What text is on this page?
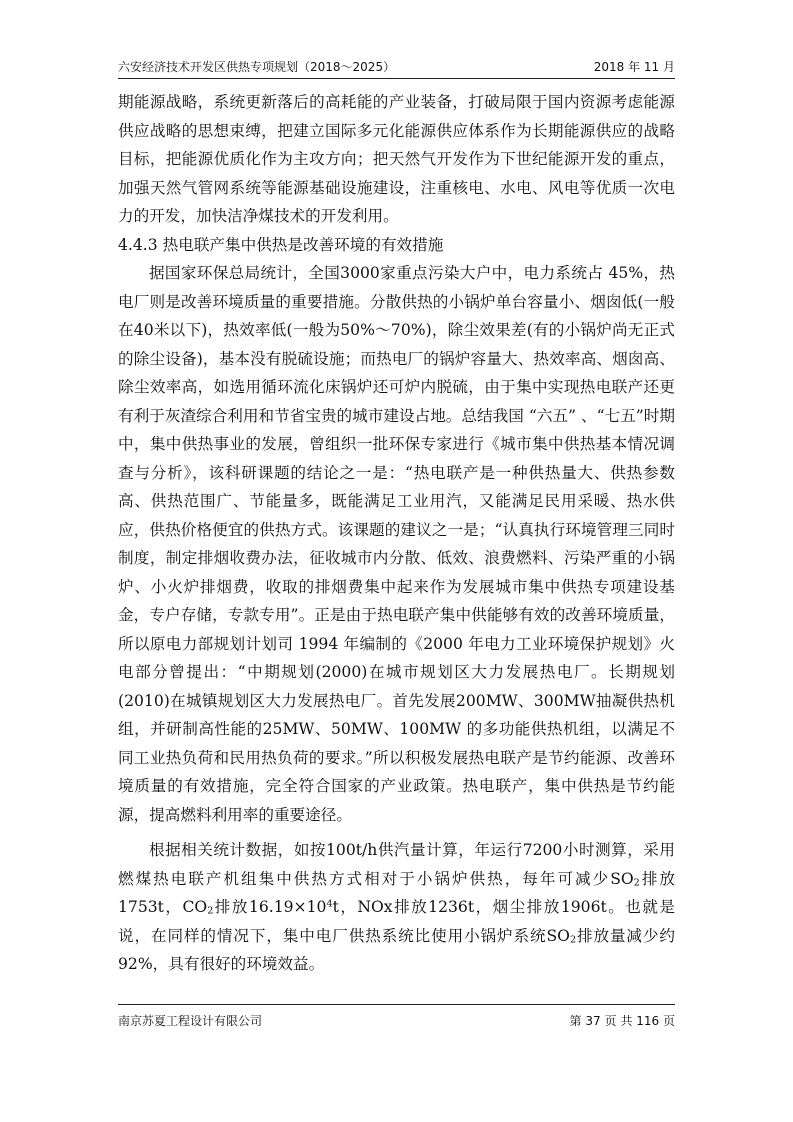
六安经济技术开发区供热专项规划（2018～2025）	2018 年 11 月

期能源战略，系统更新落后的高耗能的产业装备，打破局限于国内资源考虑能源供应战略的思想束缚，把建立国际多元化能源供应体系作为长期能源供应的战略目标，把能源优质化作为主攻方向；把天然气开发作为下世纪能源开发的重点，加强天然气管网系统等能源基础设施建设，注重核电、水电、风电等优质一次电力的开发，加快洁净煤技术的开发利用。

4.4.3 热电联产集中供热是改善环境的有效措施

据国家环保总局统计，全国3000家重点污染大户中，电力系统占 45%，热电厂则是改善环境质量的重要措施。分散供热的小锅炉单台容量小、烟囱低(一般在40米以下)，热效率低(一般为50%～70%)，除尘效果差(有的小锅炉尚无正式的除尘设备)，基本没有脱硫设施；而热电厂的锅炉容量大、热效率高、烟囱高、除尘效率高，如选用循环流化床锅炉还可炉内脱硫，由于集中实现热电联产还更有利于灰渣综合利用和节省宝贵的城市建设占地。总结我国 “六五” 、“七五”时期中，集中供热事业的发展，曾组织一批环保专家进行《城市集中供热基本情况调查与分析》，该科研课题的结论之一是：“热电联产是一种供热量大、供热参数高、供热范围广、节能量多，既能满足工业用汽，又能满足民用采暖、热水供应，供热价格便宜的供热方式。该课题的建议之一是；“认真执行环境管理三同时制度，制定排烟收费办法，征收城市内分散、低效、浪费燃料、污染严重的小锅炉、小火炉排烟费，收取的排烟费集中起来作为发展城市集中供热专项建设基金，专户存储，专款专用”。正是由于热电联产集中供能够有效的改善环境质量，所以原电力部规划计划司 1994 年编制的《2000 年电力工业环境保护规划》火电部分曾提出：“中期规划(2000)在城市规划区大力发展热电厂。长期规划(2010)在城镇规划区大力发展热电厂。首先发展200MW、300MW抽凝供热机组，并研制高性能的25MW、50MW、100MW 的多功能供热机组，以满足不同工业热负荷和民用热负荷的要求。”所以积极发展热电联产是节约能源、改善环境质量的有效措施，完全符合国家的产业政策。热电联产，集中供热是节约能源，提高燃料利用率的重要途径。

根据相关统计数据，如按100t/h供汽量计算，年运行7200小时测算，采用燃煤热电联产机组集中供热方式相对于小锅炉供热，每年可减少$SO_2$排放1753t，$CO_2$排放$16.19\times 10^4t$，NOx排放1236t，烟尘排放1906t。也就是说，在同样的情况下，集中电厂供热系统比使用小锅炉系统$SO_2$排放量减少约92%，具有很好的环境效益。

南京苏夏工程设计有限公司	第 37 页 共 116 页
